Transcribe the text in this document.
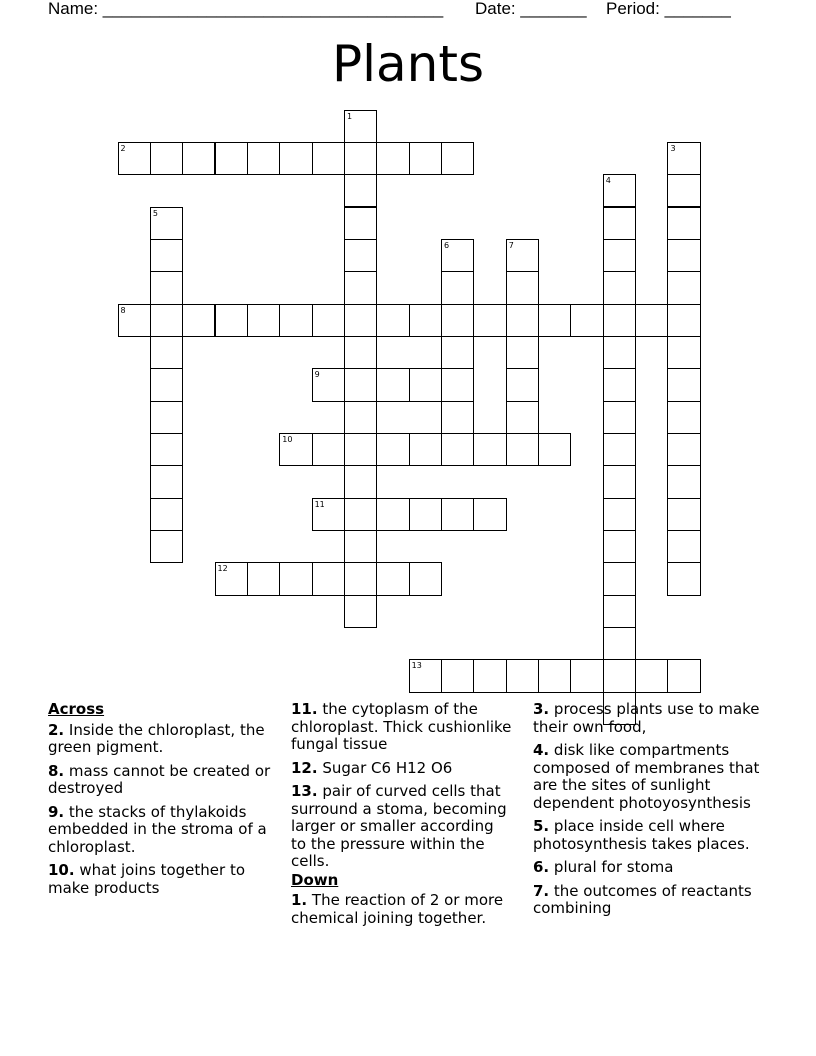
Name: ____________________________________ Date: _______ Period: _______
Plants
1
2	3
4
5
6	7
8
9
10
11
12
13
Across
2. Inside the chloroplast, the green pigment.
8. mass cannot be created or destroyed
9. the stacks of thylakoids embedded in the stroma of a chloroplast.
10. what joins together to make products
11. the cytoplasm of the chloroplast. Thick cushionlike fungal tissue
12. Sugar C6 H12 O6
13. pair of curved cells that surround a stoma, becoming larger or smaller according to the pressure within the cells.
Down
1. The reaction of 2 or more chemical joining together.
3. process plants use to make their own food,
4. disk like compartments composed of membranes that are the sites of sunlight dependent photoyosynthesis
5. place inside cell where photosynthesis takes places.
6. plural for stoma
7. the outcomes of reactants combining
